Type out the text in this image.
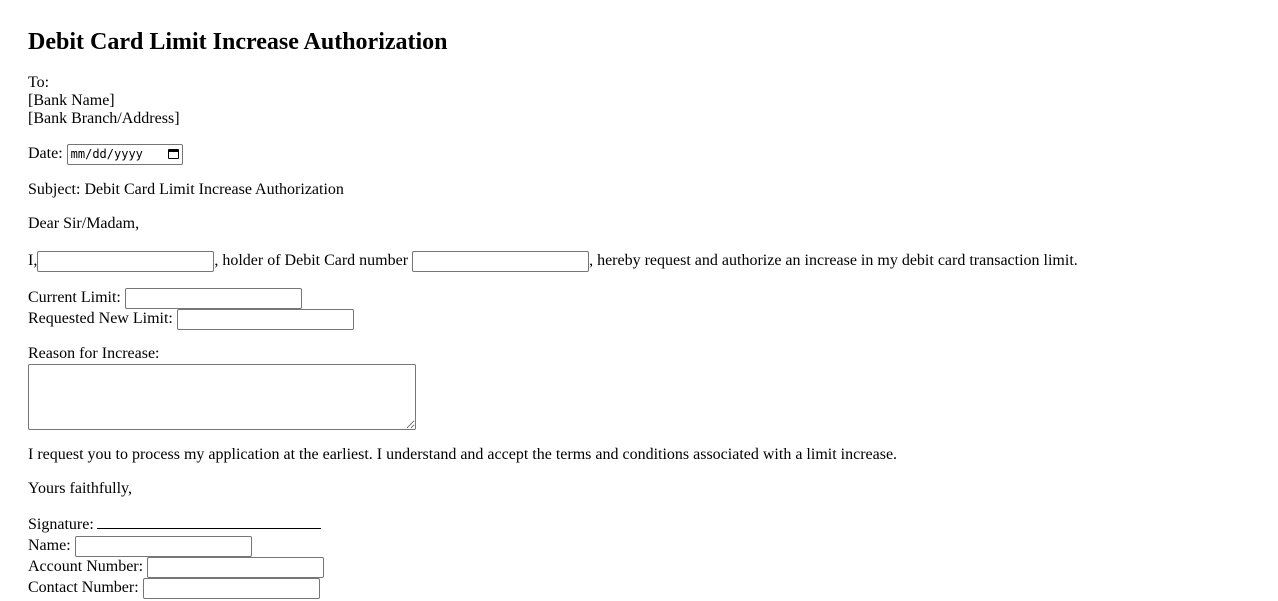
Debit Card Limit Increase Authorization

To:
[Bank Name]
[Bank Branch/Address]

Date: mm/dd/yyyy

Subject: Debit Card Limit Increase Authorization

Dear Sir/Madam,

I,	, holder of Debit Card number	, hereby request and authorize an increase in my debit card transaction limit.

Current Limit:
Requested New Limit:

Reason for Increase:

I request you to process my application at the earliest. I understand and accept the terms and conditions associated with a limit increase.

Yours faithfully,

Signature:
Name:
Account Number:
Contact Number:
